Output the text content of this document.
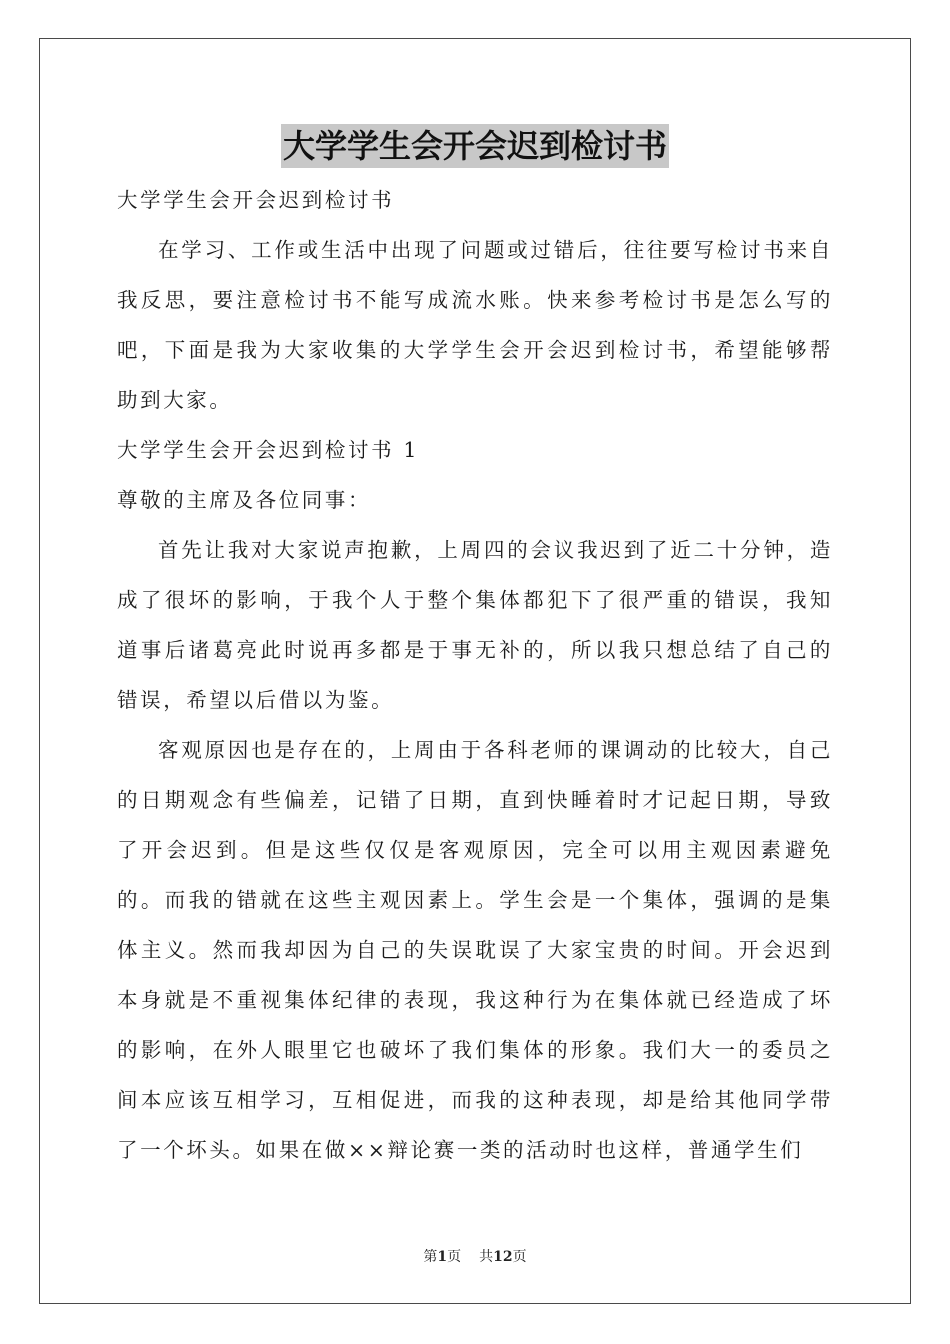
大学学生会开会迟到检讨书

大学学生会开会迟到检讨书

在学习、工作或生活中出现了问题或过错后，往往要写检讨书来自我反思，要注意检讨书不能写成流水账。快来参考检讨书是怎么写的吧，下面是我为大家收集的大学学生会开会迟到检讨书，希望能够帮助到大家。

大学学生会开会迟到检讨书 1

尊敬的主席及各位同事：

首先让我对大家说声抱歉，上周四的会议我迟到了近二十分钟，造成了很坏的影响，于我个人于整个集体都犯下了很严重的错误，我知道事后诸葛亮此时说再多都是于事无补的，所以我只想总结了自己的错误，希望以后借以为鉴。

客观原因也是存在的，上周由于各科老师的课调动的比较大，自己的日期观念有些偏差，记错了日期，直到快睡着时才记起日期，导致了开会迟到。但是这些仅仅是客观原因，完全可以用主观因素避免的。而我的错就在这些主观因素上。学生会是一个集体，强调的是集体主义。然而我却因为自己的失误耽误了大家宝贵的时间。开会迟到本身就是不重视集体纪律的表现，我这种行为在集体就已经造成了坏的影响，在外人眼里它也破坏了我们集体的形象。我们大一的委员之间本应该互相学习，互相促进，而我的这种表现，却是给其他同学带了一个坏头。如果在做××辩论赛一类的活动时也这样，普通学生们

第1页 共12页
